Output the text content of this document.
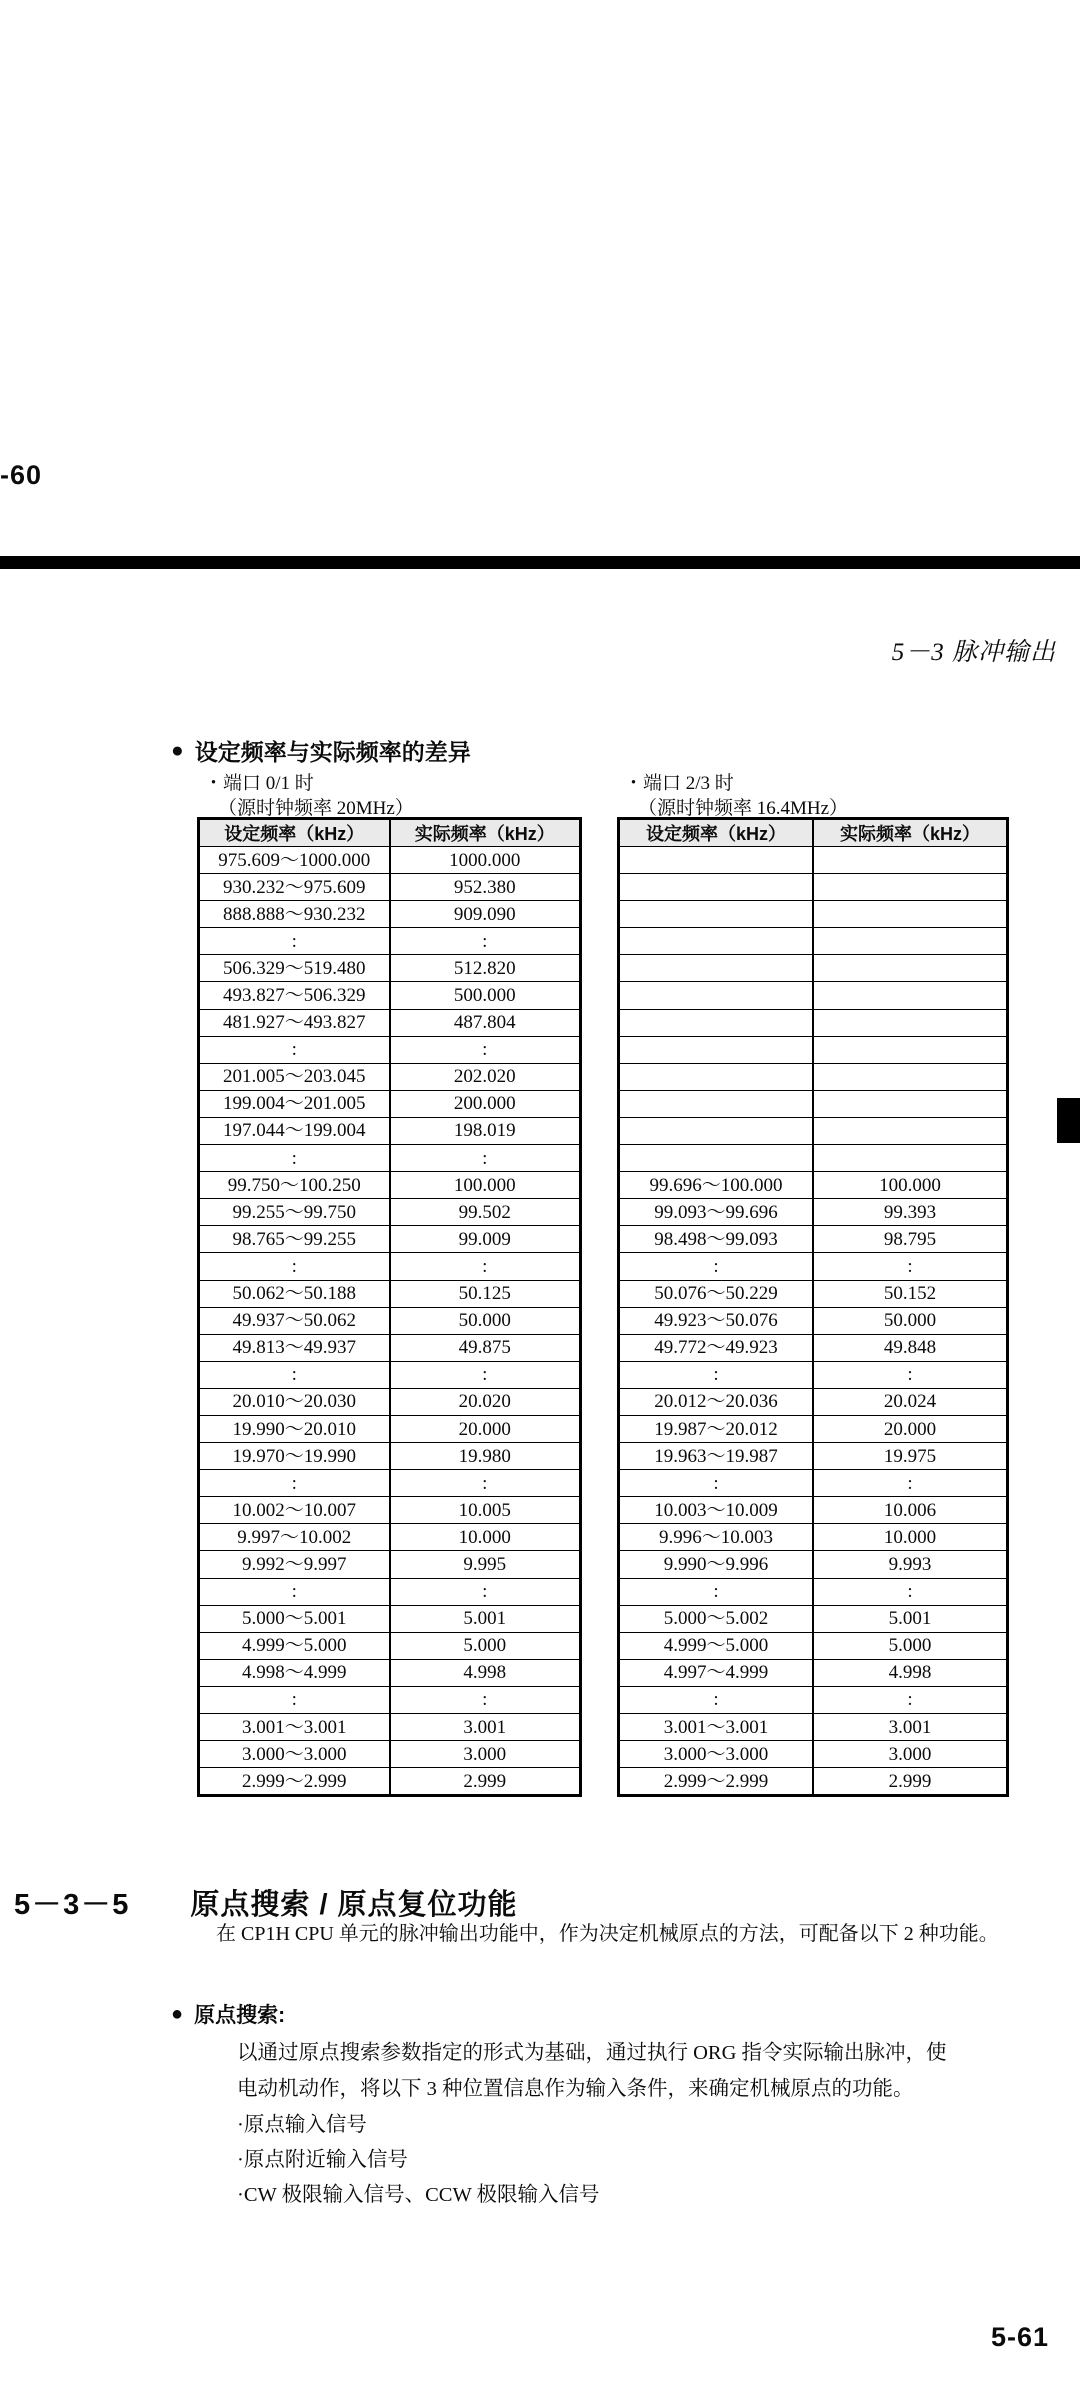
-60
5－3 脉冲输出
● 设定频率与实际频率的差异
・端口 0/1 时
（源时钟频率 20MHz）
・端口 2/3 时
（源时钟频率 16.4MHz）
设定频率（kHz）	实际频率（kHz）
975.609～1000.000	1000.000
930.232～975.609	952.380
888.888～930.232	909.090
:	:
506.329～519.480	512.820
493.827～506.329	500.000
481.927～493.827	487.804
:	:
201.005～203.045	202.020
199.004～201.005	200.000
197.044～199.004	198.019
:	:
99.750～100.250	100.000
99.255～99.750	99.502
98.765～99.255	99.009
:	:
50.062～50.188	50.125
49.937～50.062	50.000
49.813～49.937	49.875
:	:
20.010～20.030	20.020
19.990～20.010	20.000
19.970～19.990	19.980
:	:
10.002～10.007	10.005
9.997～10.002	10.000
9.992～9.997	9.995
:	:
5.000～5.001	5.001
4.999～5.000	5.000
4.998～4.999	4.998
:	:
3.001～3.001	3.001
3.000～3.000	3.000
2.999～2.999	2.999
设定频率（kHz）	实际频率（kHz）

99.696～100.000	100.000
99.093～99.696	99.393
98.498～99.093	98.795
:	:
50.076～50.229	50.152
49.923～50.076	50.000
49.772～49.923	49.848
:	:
20.012～20.036	20.024
19.987～20.012	20.000
19.963～19.987	19.975
:	:
10.003～10.009	10.006
9.996～10.003	10.000
9.990～9.996	9.993
:	:
5.000～5.002	5.001
4.999～5.000	5.000
4.997～4.999	4.998
:	:
3.001～3.001	3.001
3.000～3.000	3.000
2.999～2.999	2.999
5－3－5 原点搜索 / 原点复位功能
在 CP1H CPU 单元的脉冲输出功能中，作为决定机械原点的方法，可配备以下 2 种功能。
● 原点搜索:
以通过原点搜索参数指定的形式为基础，通过执行 ORG 指令实际输出脉冲，使
电动机动作，将以下 3 种位置信息作为输入条件，来确定机械原点的功能。
·原点输入信号
·原点附近输入信号
·CW 极限输入信号、CCW 极限输入信号
5-61
